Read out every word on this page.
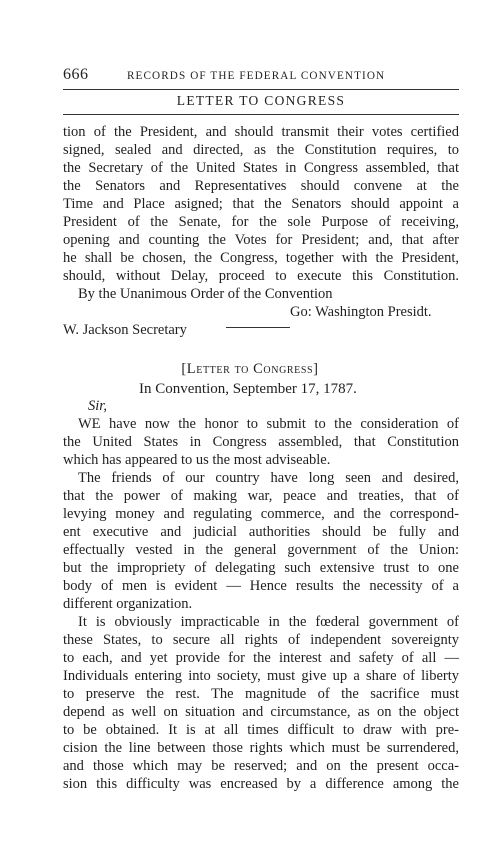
666	RECORDS OF THE FEDERAL CONVENTION
LETTER TO CONGRESS
tion of the President, and should transmit their votes certified
signed, sealed and directed, as the Constitution requires, to
the Secretary of the United States in Congress assembled, that
the Senators and Representatives should convene at the
Time and Place asigned; that the Senators should appoint a
President of the Senate, for the sole Purpose of receiving,
opening and counting the Votes for President; and, that after
he shall be chosen, the Congress, together with the President,
should, without Delay, proceed to execute this Constitution.
By the Unanimous Order of the Convention
Go: Washington Presidt.
W. Jackson Secretary
[Letter to Congress]
In Convention, September 17, 1787.
Sir,
WE have now the honor to submit to the consideration of
the United States in Congress assembled, that Constitution
which has appeared to us the most adviseable.
The friends of our country have long seen and desired,
that the power of making war, peace and treaties, that of
levying money and regulating commerce, and the correspond-
ent executive and judicial authorities should be fully and
effectually vested in the general government of the Union:
but the impropriety of delegating such extensive trust to one
body of men is evident — Hence results the necessity of a
different organization.
It is obviously impracticable in the fœderal government of
these States, to secure all rights of independent sovereignty
to each, and yet provide for the interest and safety of all —
Individuals entering into society, must give up a share of liberty
to preserve the rest. The magnitude of the sacrifice must
depend as well on situation and circumstance, as on the object
to be obtained. It is at all times difficult to draw with pre-
cision the line between those rights which must be surrendered,
and those which may be reserved; and on the present occa-
sion this difficulty was encreased by a difference among the
